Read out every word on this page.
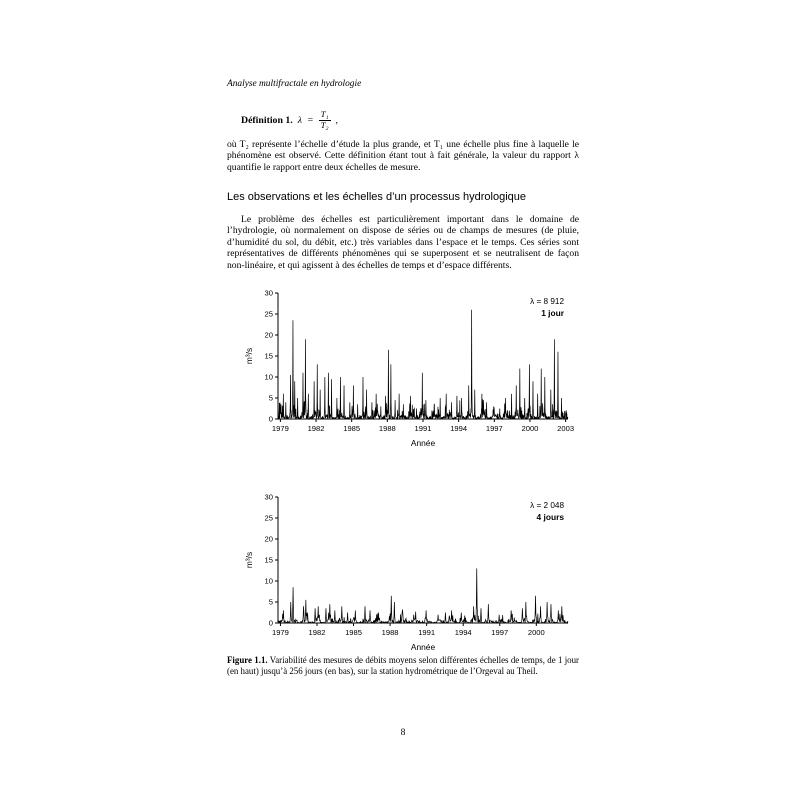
Analyse multifractale en hydrologie
Définition 1. $\lambda = \frac{\text{T₁}}{\text{T₂}}$ ,
où T₂ représente l’échelle d’étude la plus grande, et T₁ une échelle plus fine à laquelle le phénomène est observé. Cette définition étant tout à fait générale, la valeur du rapport λ quantifie le rapport entre deux échelles de mesure.
Les observations et les échelles d’un processus hydrologique
Le problème des échelles est particulièrement important dans le domaine de l’hydrologie, où normalement on dispose de séries ou de champs de mesures (de pluie, d’humidité du sol, du débit, etc.) très variables dans l’espace et le temps. Ces séries sont représentatives de différents phénomènes qui se superposent et se neutralisent de façon non-linéaire, et qui agissent à des échelles de temps et d’espace différents.
0
5
10
15
20
25
30
1979 1982 1985 1988 1991 1994 1997 2000 2003
m³/s
Année
λ = 8 912
1 jour
0
5
10
15
20
25
30
1979	1982	1985	1988	1991	1994	1997	2000
m³/s
Année
λ = 2 048
4 jours
Figure 1.1. Variabilité des mesures de débits moyens selon différentes échelles de temps, de 1 jour (en haut) jusqu’à 256 jours (en bas), sur la station hydrométrique de l’Orgeval au Theil.
8
